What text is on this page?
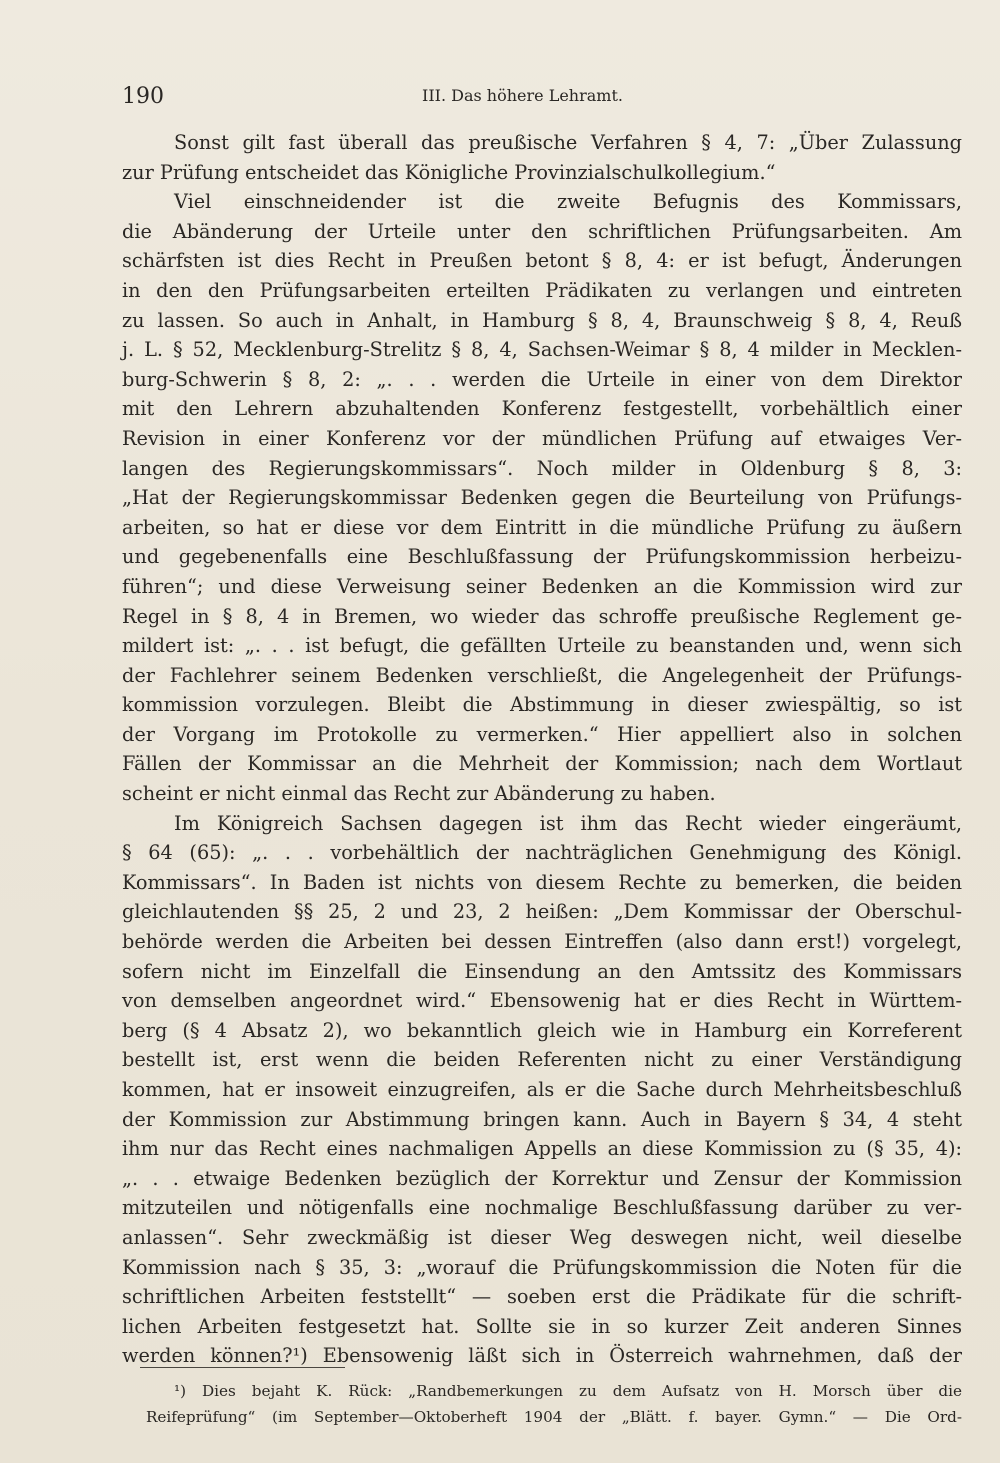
190	III. Das höhere Lehramt.
Sonst gilt fast überall das preußische Verfahren § 4, 7: „Über Zulassung
zur Prüfung entscheidet das Königliche Provinzialschulkollegium.“
Viel einschneidender ist die zweite Befugnis des Kommissars,
die Abänderung der Urteile unter den schriftlichen Prüfungsarbeiten. Am
schärfsten ist dies Recht in Preußen betont § 8, 4: er ist befugt, Änderungen
in den den Prüfungsarbeiten erteilten Prädikaten zu verlangen und eintreten
zu lassen. So auch in Anhalt, in Hamburg § 8, 4, Braunschweig § 8, 4, Reuß
j. L. § 52, Mecklenburg-Strelitz § 8, 4, Sachsen-Weimar § 8, 4 milder in Mecklen-
burg-Schwerin § 8, 2: „. . . werden die Urteile in einer von dem Direktor
mit den Lehrern abzuhaltenden Konferenz festgestellt, vorbehältlich einer
Revision in einer Konferenz vor der mündlichen Prüfung auf etwaiges Ver-
langen des Regierungskommissars“. Noch milder in Oldenburg § 8, 3:
„Hat der Regierungskommissar Bedenken gegen die Beurteilung von Prüfungs-
arbeiten, so hat er diese vor dem Eintritt in die mündliche Prüfung zu äußern
und gegebenenfalls eine Beschlußfassung der Prüfungskommission herbeizu-
führen“; und diese Verweisung seiner Bedenken an die Kommission wird zur
Regel in § 8, 4 in Bremen, wo wieder das schroffe preußische Reglement ge-
mildert ist: „. . . ist befugt, die gefällten Urteile zu beanstanden und, wenn sich
der Fachlehrer seinem Bedenken verschließt, die Angelegenheit der Prüfungs-
kommission vorzulegen. Bleibt die Abstimmung in dieser zwiespältig, so ist
der Vorgang im Protokolle zu vermerken.“ Hier appelliert also in solchen
Fällen der Kommissar an die Mehrheit der Kommission; nach dem Wortlaut
scheint er nicht einmal das Recht zur Abänderung zu haben.
Im Königreich Sachsen dagegen ist ihm das Recht wieder eingeräumt,
§ 64 (65): „. . . vorbehältlich der nachträglichen Genehmigung des Königl.
Kommissars“. In Baden ist nichts von diesem Rechte zu bemerken, die beiden
gleichlautenden §§ 25, 2 und 23, 2 heißen: „Dem Kommissar der Oberschul-
behörde werden die Arbeiten bei dessen Eintreffen (also dann erst!) vorgelegt,
sofern nicht im Einzelfall die Einsendung an den Amtssitz des Kommissars
von demselben angeordnet wird.“ Ebensowenig hat er dies Recht in Württem-
berg (§ 4 Absatz 2), wo bekanntlich gleich wie in Hamburg ein Korreferent
bestellt ist, erst wenn die beiden Referenten nicht zu einer Verständigung
kommen, hat er insoweit einzugreifen, als er die Sache durch Mehrheitsbeschluß
der Kommission zur Abstimmung bringen kann. Auch in Bayern § 34, 4 steht
ihm nur das Recht eines nachmaligen Appells an diese Kommission zu (§ 35, 4):
„. . . etwaige Bedenken bezüglich der Korrektur und Zensur der Kommission
mitzuteilen und nötigenfalls eine nochmalige Beschlußfassung darüber zu ver-
anlassen“. Sehr zweckmäßig ist dieser Weg deswegen nicht, weil dieselbe
Kommission nach § 35, 3: „worauf die Prüfungskommission die Noten für die
schriftlichen Arbeiten feststellt“ — soeben erst die Prädikate für die schrift-
lichen Arbeiten festgesetzt hat. Sollte sie in so kurzer Zeit anderen Sinnes
werden können?¹) Ebensowenig läßt sich in Österreich wahrnehmen, daß der
¹) Dies bejaht K. Rück: „Randbemerkungen zu dem Aufsatz von H. Morsch über die
Reifeprüfung“ (im September—Oktoberheft 1904 der „Blätt. f. bayer. Gymn.“ — Die Ord-
